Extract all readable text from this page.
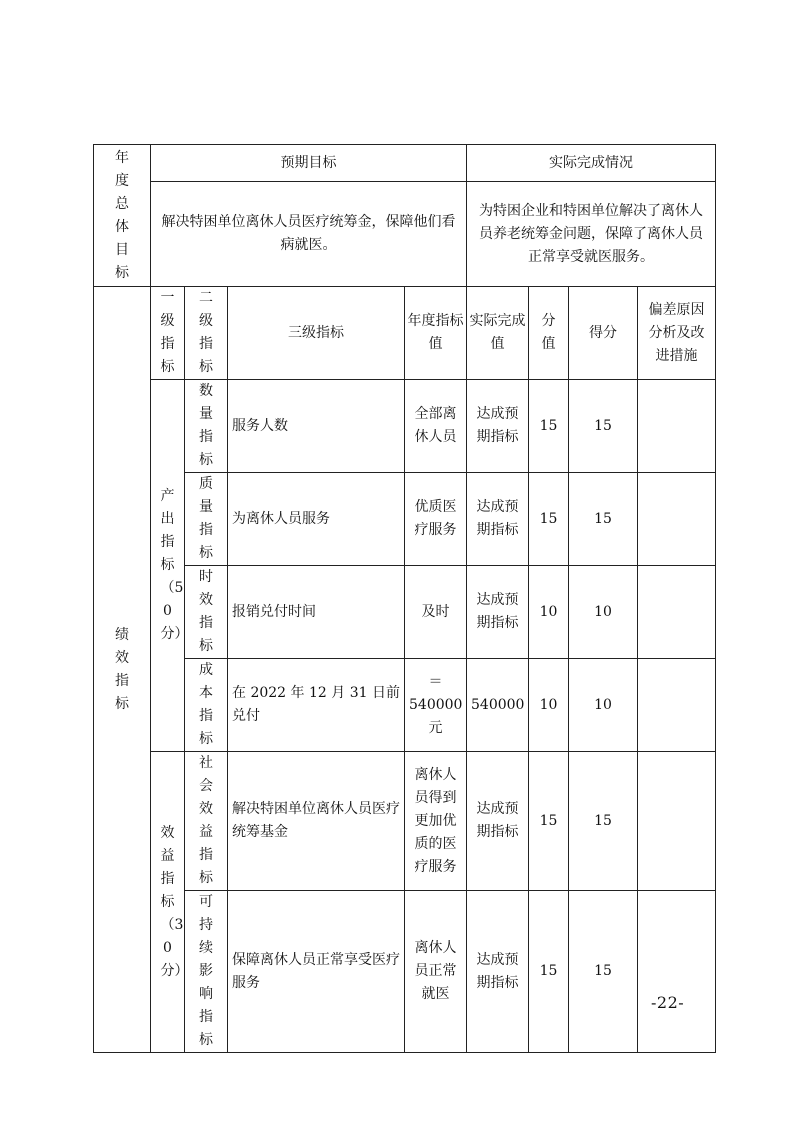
年度总体目标	预期目标				实际完成情况			
	解决特困单位离休人员医疗统筹金，保障他们看病就医。				为特困企业和特困单位解决了离休人员养老统筹金问题，保障了离休人员正常享受就医服务。			

绩效指标	一级指标	二级指标	三级指标	年度指标值	实际完成值	分值	得分	偏差原因分析及改进措施

	产出指标（50分）	数量指标	服务人数	全部离休人员	达成预期指标	15	15	

		质量指标	为离休人员服务	优质医疗服务	达成预期指标	15	15	

		时效指标	报销兑付时间	及时	达成预期指标	10	10	

		成本指标	在 2022 年 12 月 31 日前兑付	＝540000元	540000	10	10	

	效益指标（30分）	社会效益指标	解决特困单位离休人员医疗统筹基金	离休人员得到更加优质的医疗服务	达成预期指标	15	15	

		可持续影响指标	保障离休人员正常享受医疗服务	离休人员正常就医	达成预期指标	15	15	
-22-
